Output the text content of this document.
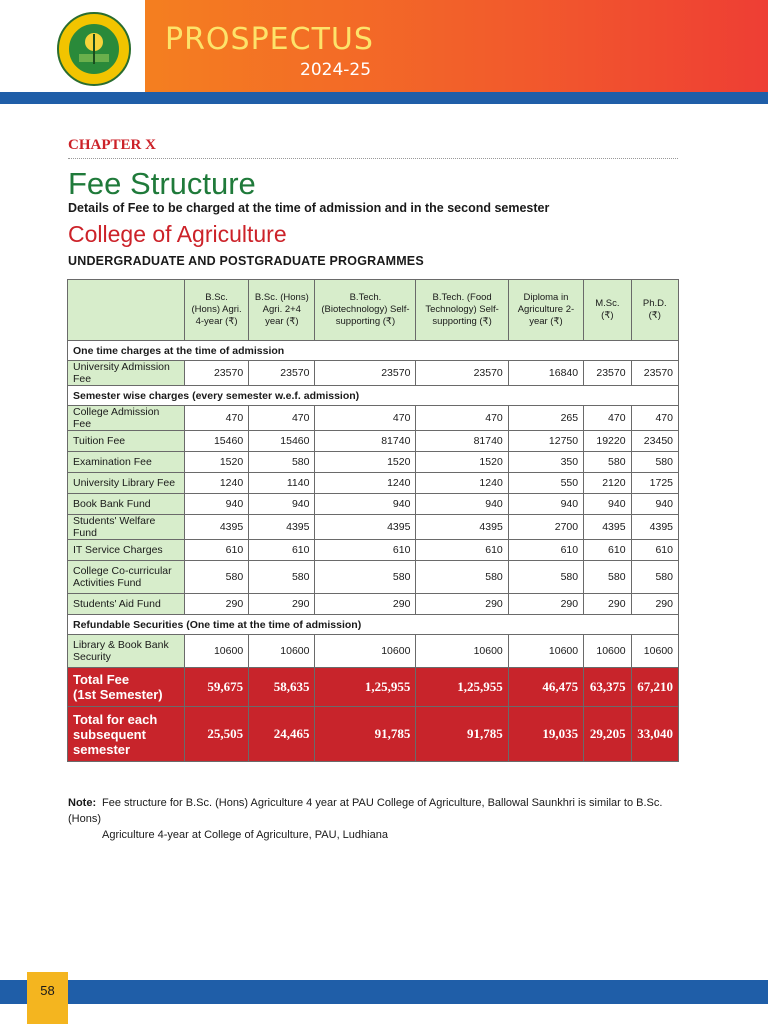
PROSPECTUS
2024-25
CHAPTER X
Fee Structure
Details of Fee to be charged at the time of admission and in the second semester
College of Agriculture
UNDERGRADUATE AND POSTGRADUATE PROGRAMMES
	B.Sc. (Hons) Agri. 4-year (₹)	B.Sc. (Hons) Agri. 2+4 year (₹)	B.Tech. (Biotechnology) Self-supporting (₹)	B.Tech. (Food Technology) Self- supporting (₹)	Diploma in Agriculture 2-year (₹)	M.Sc. (₹)	Ph.D. (₹)
One time charges at the time of admission							
University Admission Fee	23570	23570	23570	23570	16840	23570	23570
Semester wise charges (every semester w.e.f. admission)							
College Admission Fee	470	470	470	470	265	470	470
Tuition Fee	15460	15460	81740	81740	12750	19220	23450
Examination Fee	1520	580	1520	1520	350	580	580
University Library Fee	1240	1140	1240	1240	550	2120	1725
Book Bank Fund	940	940	940	940	940	940	940
Students' Welfare Fund	4395	4395	4395	4395	2700	4395	4395
IT Service Charges	610	610	610	610	610	610	610
College Co-curricular Activities Fund	580	580	580	580	580	580	580
Students' Aid Fund	290	290	290	290	290	290	290
Refundable Securities (One time at the time of admission)							
Library & Book Bank Security	10600	10600	10600	10600	10600	10600	10600
Total Fee
(1st Semester)	59,675	58,635	1,25,955	1,25,955	46,475	63,375	67,210
Total for each subsequent semester	25,505	24,465	91,785	91,785	19,035	29,205	33,040
Note: Fee structure for B.Sc. (Hons) Agriculture 4 year at PAU College of Agriculture, Ballowal Saunkhri is similar to B.Sc. (Hons)
Agriculture 4-year at College of Agriculture, PAU, Ludhiana
58
